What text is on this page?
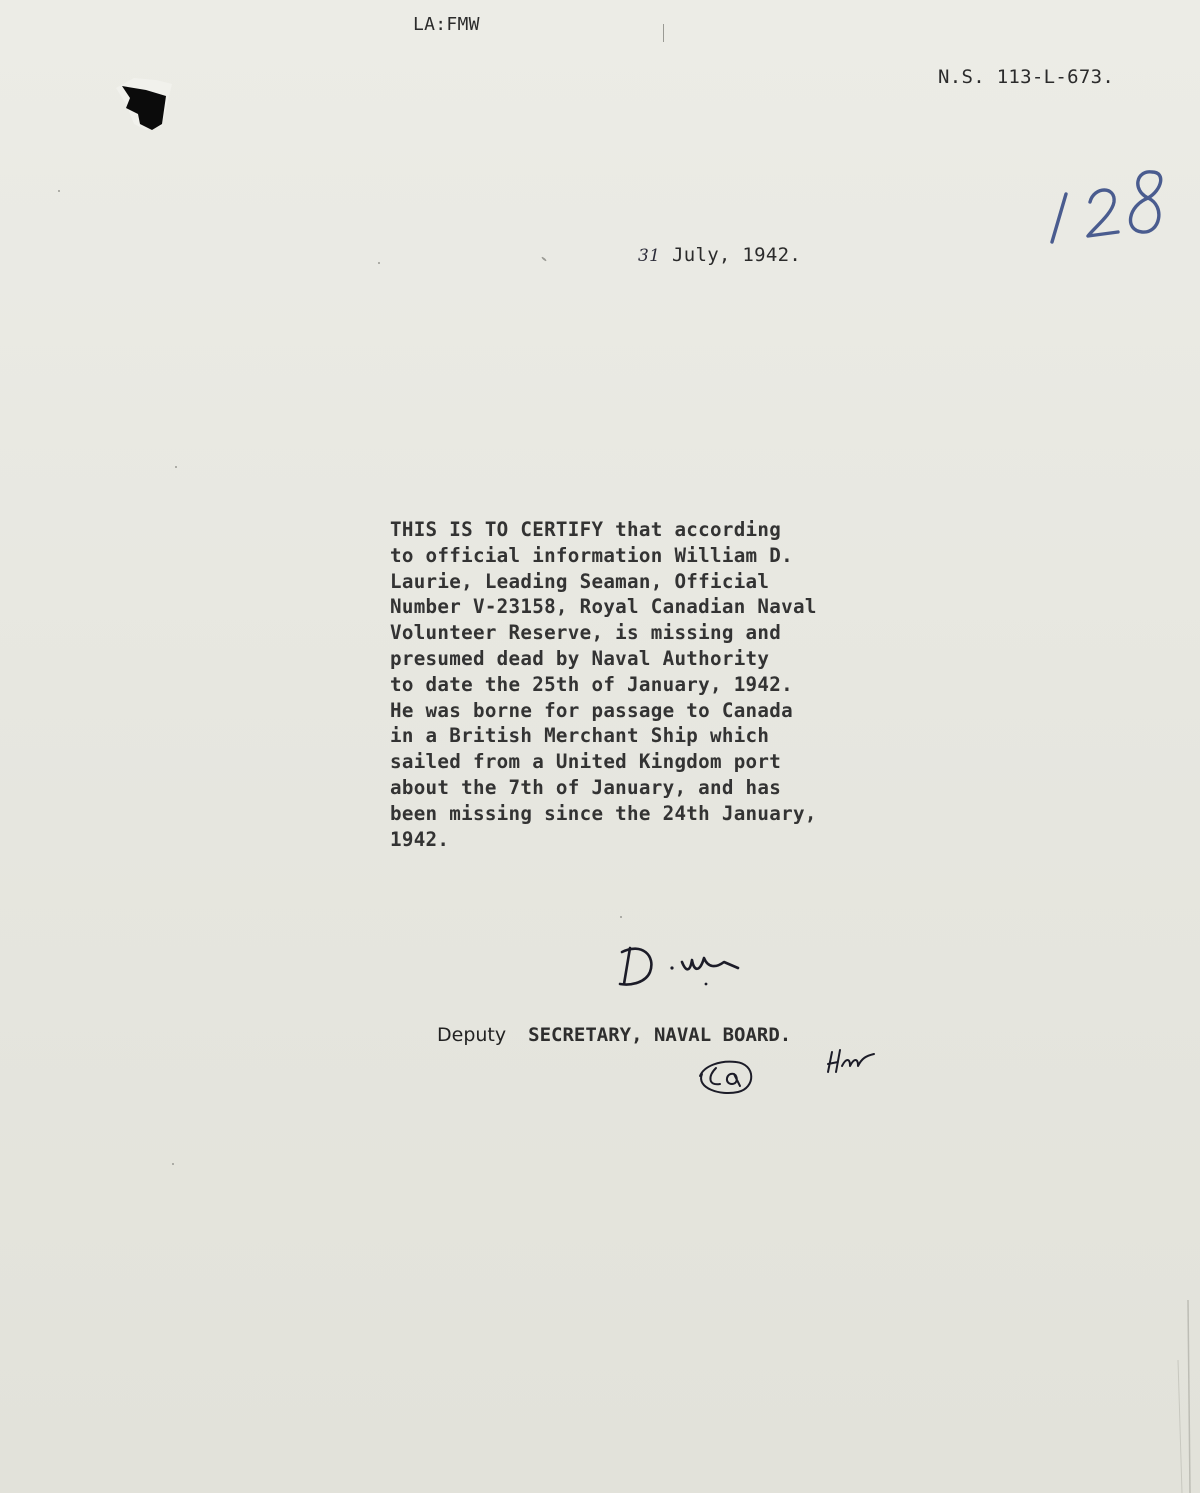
LA:FMW
N.S. 113-L-673.
31 July, 1942.
THIS IS TO CERTIFY that according
to official information William D.
Laurie, Leading Seaman, Official
Number V-23158, Royal Canadian Naval
Volunteer Reserve, is missing and
presumed dead by Naval Authority
to date the 25th of January, 1942.
He was borne for passage to Canada
in a British Merchant Ship which
sailed from a United Kingdom port
about the 7th of January, and has
been missing since the 24th January,
1942.
Deputy SECRETARY, NAVAL BOARD.
